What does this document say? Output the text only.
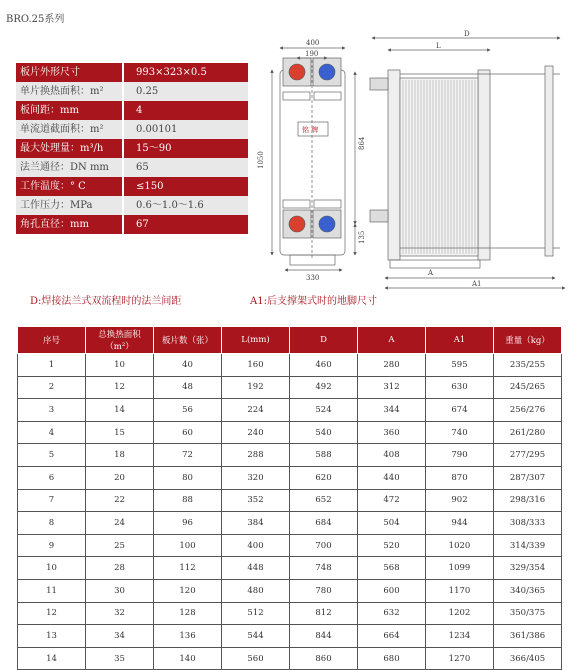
BRO.25系列
板片外形尺寸	993×323×0.5
单片换热面积：m²	0.25
板间距：mm	4
单流道截面积：m²	0.00101
最大处理量：m³/h	15～90
法兰通径：DN mm	65
工作温度：° C	≤150
工作压力：MPa	0.6～1.0～1.6
角孔直径：mm	67
400
190
1050
864
135
330
D
L
A
A1
铭 牌
D:焊接法兰式双流程时的法兰间距	A1:后支撑架式时的地脚尺寸
序号	总换热面积（m²）	板片数（张）	L(mm)	D	A	A1	重量（kg）
1	10	40	160	460	280	595	235/255
2	12	48	192	492	312	630	245/265
3	14	56	224	524	344	674	256/276
4	15	60	240	540	360	740	261/280
5	18	72	288	588	408	790	277/295
6	20	80	320	620	440	870	287/307
7	22	88	352	652	472	902	298/316
8	24	96	384	684	504	944	308/333
9	25	100	400	700	520	1020	314/339
10	28	112	448	748	568	1099	329/354
11	30	120	480	780	600	1170	340/365
12	32	128	512	812	632	1202	350/375
13	34	136	544	844	664	1234	361/386
14	35	140	560	860	680	1270	366/405
